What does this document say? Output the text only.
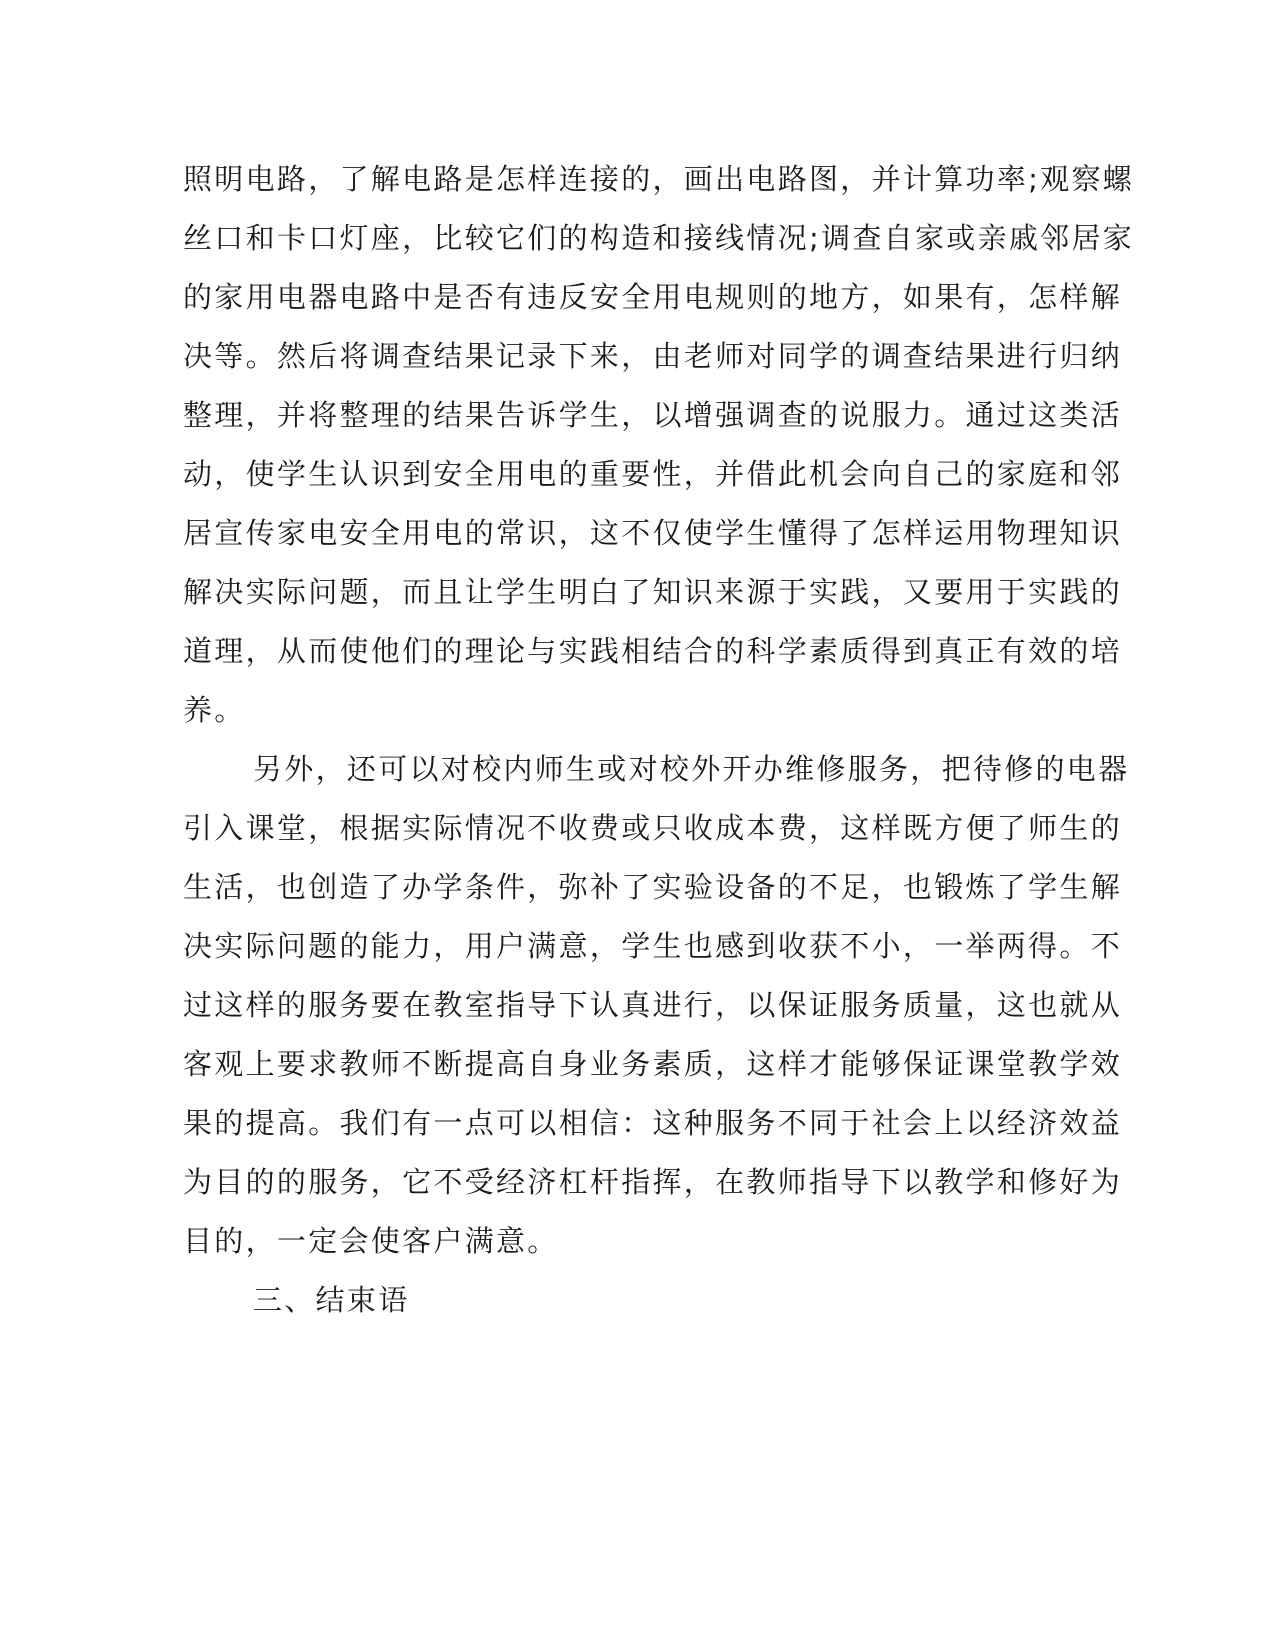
照明电路，了解电路是怎样连接的，画出电路图，并计算功率;观察螺
丝口和卡口灯座，比较它们的构造和接线情况;调查自家或亲戚邻居家
的家用电器电路中是否有违反安全用电规则的地方，如果有，怎样解
决等。然后将调查结果记录下来，由老师对同学的调查结果进行归纳
整理，并将整理的结果告诉学生，以增强调查的说服力。通过这类活
动，使学生认识到安全用电的重要性，并借此机会向自己的家庭和邻
居宣传家电安全用电的常识，这不仅使学生懂得了怎样运用物理知识
解决实际问题，而且让学生明白了知识来源于实践，又要用于实践的
道理，从而使他们的理论与实践相结合的科学素质得到真正有效的培
养。

另外，还可以对校内师生或对校外开办维修服务，把待修的电器
引入课堂，根据实际情况不收费或只收成本费，这样既方便了师生的
生活，也创造了办学条件，弥补了实验设备的不足，也锻炼了学生解
决实际问题的能力，用户满意，学生也感到收获不小，一举两得。不
过这样的服务要在教室指导下认真进行，以保证服务质量，这也就从
客观上要求教师不断提高自身业务素质，这样才能够保证课堂教学效
果的提高。我们有一点可以相信：这种服务不同于社会上以经济效益
为目的的服务，它不受经济杠杆指挥，在教师指导下以教学和修好为
目的，一定会使客户满意。

三、结束语
